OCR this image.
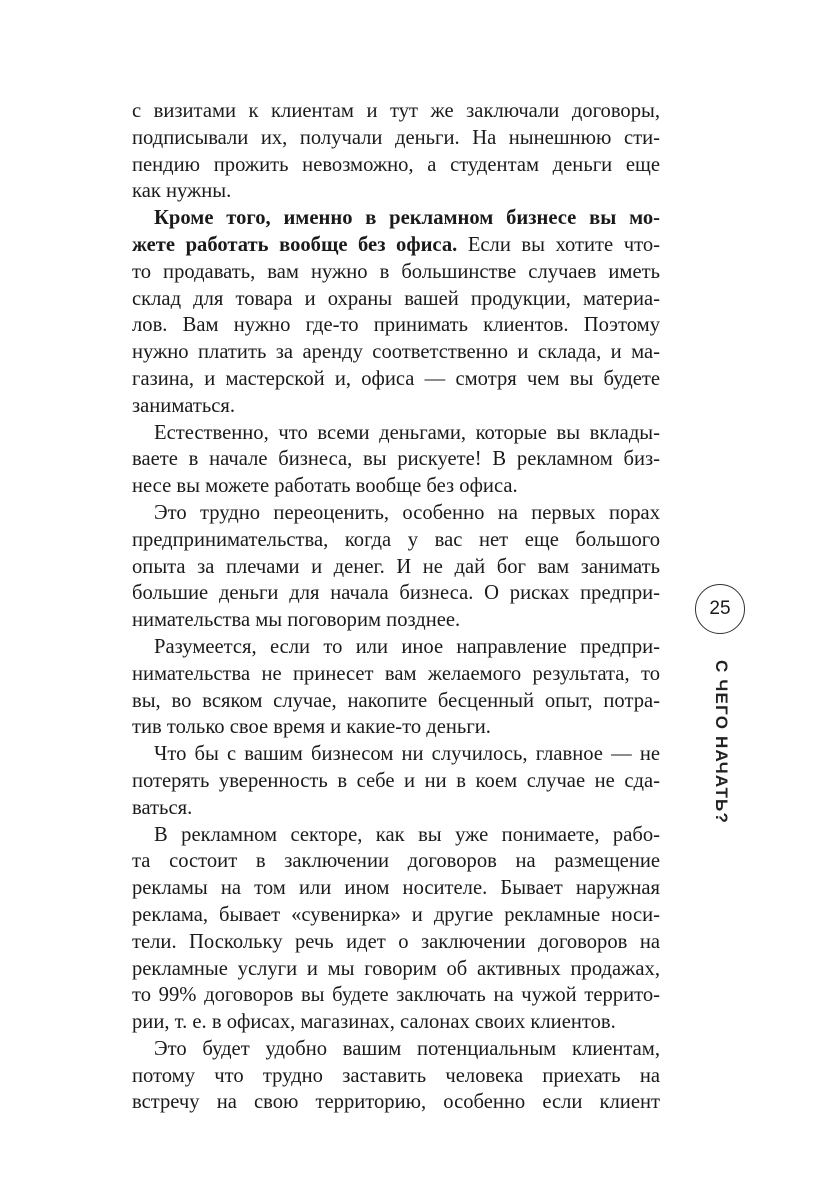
с визитами к клиентам и тут же заключали договоры,
подписывали их, получали деньги. На нынешнюю сти-
пендию прожить невозможно, а студентам деньги еще
как нужны.
Кроме того, именно в рекламном бизнесе вы мо-
жете работать вообще без офиса. Если вы хотите что-
то продавать, вам нужно в большинстве случаев иметь
склад для товара и охраны вашей продукции, материа-
лов. Вам нужно где-то принимать клиентов. Поэтому
нужно платить за аренду соответственно и склада, и ма-
газина, и мастерской и, офиса — смотря чем вы будете
заниматься.
Естественно, что всеми деньгами, которые вы вклады-
ваете в начале бизнеса, вы рискуете! В рекламном биз-
несе вы можете работать вообще без офиса.
Это трудно переоценить, особенно на первых порах
предпринимательства, когда у вас нет еще большого
опыта за плечами и денег. И не дай бог вам занимать
большие деньги для начала бизнеса. О рисках предпри-
нимательства мы поговорим позднее.
Разумеется, если то или иное направление предпри-
нимательства не принесет вам желаемого результата, то
вы, во всяком случае, накопите бесценный опыт, потра-
тив только свое время и какие-то деньги.
Что бы с вашим бизнесом ни случилось, главное — не
потерять уверенность в себе и ни в коем случае не сда-
ваться.
В рекламном секторе, как вы уже понимаете, рабо-
та состоит в заключении договоров на размещение
рекламы на том или ином носителе. Бывает наружная
реклама, бывает «сувенирка» и другие рекламные носи-
тели. Поскольку речь идет о заключении договоров на
рекламные услуги и мы говорим об активных продажах,
то 99% договоров вы будете заключать на чужой террито-
рии, т. е. в офисах, магазинах, салонах своих клиентов.
Это будет удобно вашим потенциальным клиентам,
потому что трудно заставить человека приехать на
встречу на свою территорию, особенно если клиент
25
С ЧЕГО НАЧАТЬ?
